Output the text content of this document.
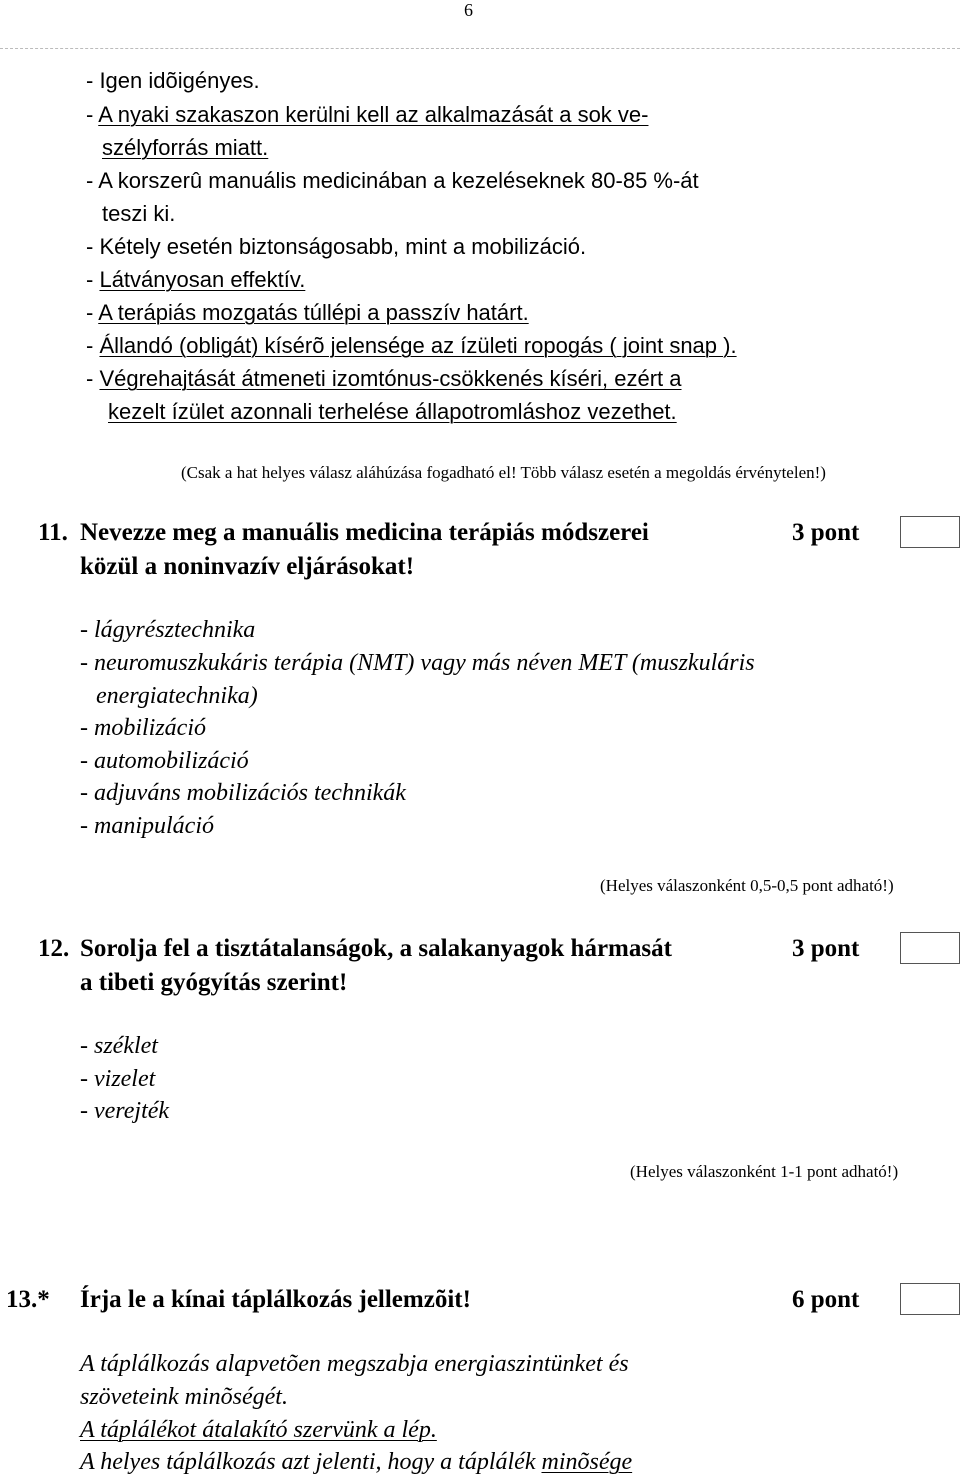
6
- Igen idõigényes.
- A nyaki szakaszon kerülni kell az alkalmazását a sok ve-
szélyforrás miatt.
- A korszerû manuális medicinában a kezeléseknek 80-85 %-át
teszi ki.
- Kétely esetén biztonságosabb, mint a mobilizáció.
- Látványosan effektív.
- A terápiás mozgatás túllépi a passzív határt.
- Állandó (obligát) kísérõ jelensége az ízületi ropogás ( joint snap ).
- Végrehajtását átmeneti izomtónus-csökkenés kíséri, ezért a
kezelt ízület azonnali terhelése állapotromláshoz vezethet.
(Csak a hat helyes válasz aláhúzása fogadható el! Több válasz esetén a megoldás érvénytelen!)
11. Nevezze meg a manuális medicina terápiás módszerei
közül a noninvazív eljárásokat!
3 pont
- lágyrésztechnika
- neuromuszkukáris terápia (NMT) vagy más néven MET (muszkuláris
energiatechnika)
- mobilizáció
- automobilizáció
- adjuváns mobilizációs technikák
- manipuláció
(Helyes válaszonként 0,5-0,5 pont adható!)
12. Sorolja fel a tisztátalanságok, a salakanyagok hármasát
a tibeti gyógyítás szerint!
3 pont
- széklet
- vizelet
- verejték
(Helyes válaszonként 1-1 pont adható!)
13.* Írja le a kínai táplálkozás jellemzõit!	6 pont
A táplálkozás alapvetõen megszabja energiaszintünket és
szöveteink minõségét.
A táplálékot átalakító szervünk a lép.
A helyes táplálkozás azt jelenti, hogy a táplálék minõsége
